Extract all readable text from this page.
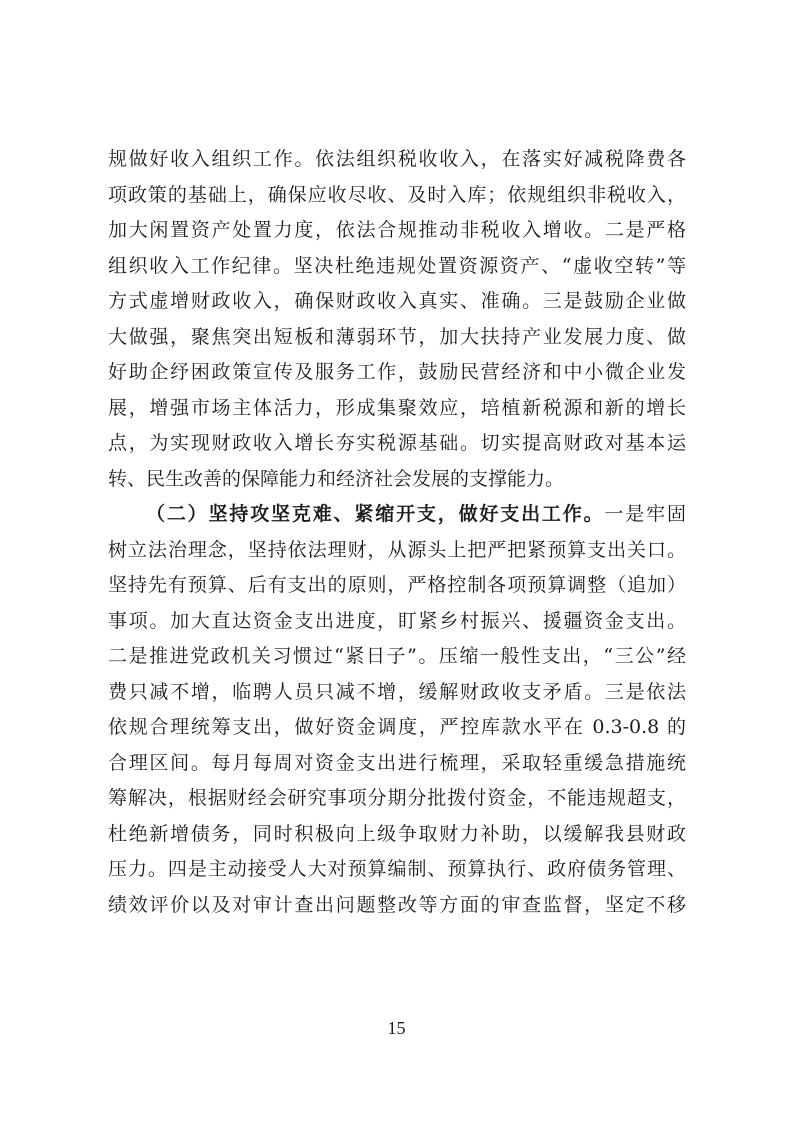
规做好收入组织工作。依法组织税收收入，在落实好减税降费各
项政策的基础上，确保应收尽收、及时入库；依规组织非税收入，
加大闲置资产处置力度，依法合规推动非税收入增收。二是严格
组织收入工作纪律。坚决杜绝违规处置资源资产、“虚收空转”等
方式虚增财政收入，确保财政收入真实、准确。三是鼓励企业做
大做强，聚焦突出短板和薄弱环节，加大扶持产业发展力度、做
好助企纾困政策宣传及服务工作，鼓励民营经济和中小微企业发
展，增强市场主体活力，形成集聚效应，培植新税源和新的增长
点，为实现财政收入增长夯实税源基础。切实提高财政对基本运
转、民生改善的保障能力和经济社会发展的支撑能力。
（二）坚持攻坚克难、紧缩开支，做好支出工作。一是牢固
树立法治理念，坚持依法理财，从源头上把严把紧预算支出关口。
坚持先有预算、后有支出的原则，严格控制各项预算调整（追加）
事项。加大直达资金支出进度，盯紧乡村振兴、援疆资金支出。
二是推进党政机关习惯过“紧日子”。压缩一般性支出，“三公”经
费只减不增，临聘人员只减不增，缓解财政收支矛盾。三是依法
依规合理统筹支出，做好资金调度，严控库款水平在 0.3-0.8 的
合理区间。每月每周对资金支出进行梳理，采取轻重缓急措施统
筹解决，根据财经会研究事项分期分批拨付资金，不能违规超支，
杜绝新增债务，同时积极向上级争取财力补助，以缓解我县财政
压力。四是主动接受人大对预算编制、预算执行、政府债务管理、
绩效评价以及对审计查出问题整改等方面的审查监督，坚定不移
15
